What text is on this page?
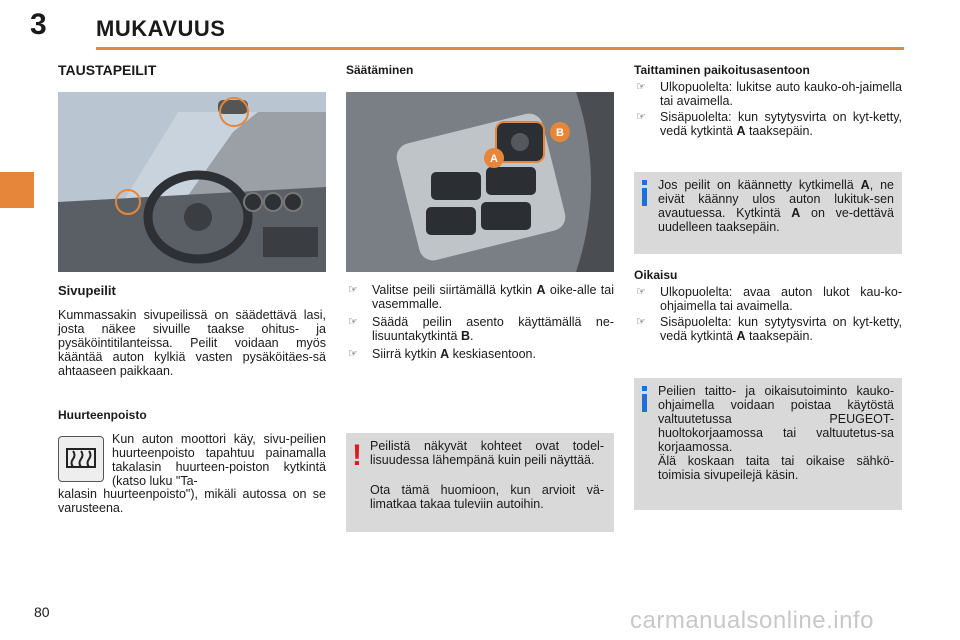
3 MUKAVUUS
TAUSTAPEILIT
Sivupeilit
Kummassakin sivupeilissä on säädettävä lasi, josta näkee sivuille taakse ohitus- ja pysäköintitilanteissa. Peilit voidaan myös kääntää auton kylkiä vasten pysäköitäes-sä ahtaaseen paikkaan.
Huurteenpoisto
Kun auton moottori käy, sivu-peilien huurteenpoisto tapahtuu painamalla takalasin huurteen-poiston kytkintä (katso luku "Ta-
kalasin huurteenpoisto"), mikäli autossa on se varusteena.
Säätäminen
A
B
☞ Valitse peili siirtämällä kytkin A oike-alle tai vasemmalle.
☞ Säädä peilin asento käyttämällä ne-lisuuntakytkintä B.
☞ Siirrä kytkin A keskiasentoon.
! Peilistä näkyvät kohteet ovat todel-lisuudessa lähempänä kuin peili näyttää.
Ota tämä huomioon, kun arvioit vä-limatkaa takaa tuleviin autoihin.
Taittaminen paikoitusasentoon
☞ Ulkopuolelta: lukitse auto kauko-oh-jaimella tai avaimella.
☞ Sisäpuolelta: kun sytytysvirta on kyt-ketty, vedä kytkintä A taaksepäin.
Jos peilit on käännetty kytkimellä A, ne eivät käänny ulos auton lukituk-sen avautuessa. Kytkintä A on ve-dettävä uudelleen taaksepäin.
Oikaisu
☞ Ulkopuolelta: avaa auton lukot kau-ko-ohjaimella tai avaimella.
☞ Sisäpuolelta: kun sytytysvirta on kyt-ketty, vedä kytkintä A taaksepäin.
Peilien taitto- ja oikaisutoiminto kauko-ohjaimella voidaan poistaa käytöstä valtuutetussa PEUGEOT-huoltokorjaamossa tai valtuutetus-sa korjaamossa.
Älä koskaan taita tai oikaise sähkö-toimisia sivupeilejä käsin.
80	carmanualsonline.info
